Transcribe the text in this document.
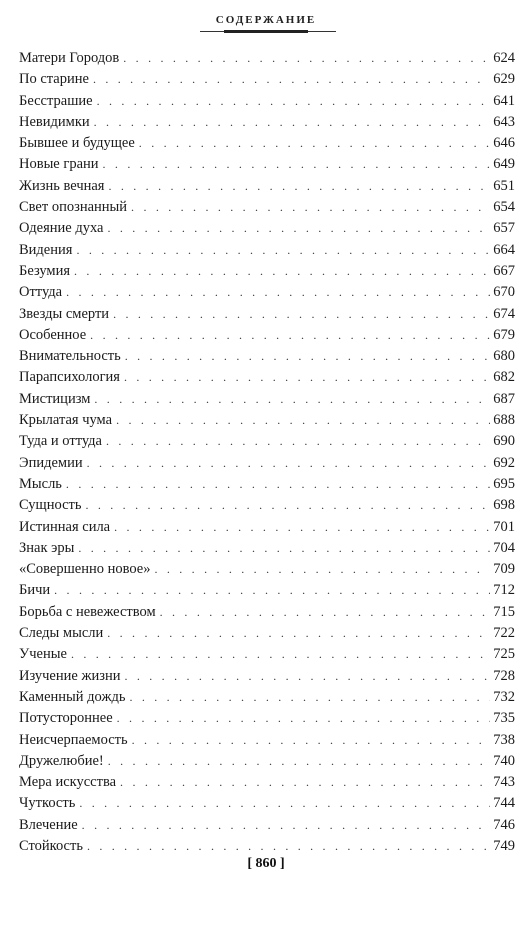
СОДЕРЖАНИЕ
Матери Городов . . .	624
По старине . . .	629
Бесстрашие . . .	641
Невидимки . . .	643
Бывшее и будущее . . .	646
Новые грани . . .	649
Жизнь вечная . . .	651
Свет опознанный . . .	654
Одеяние духа . . .	657
Видения . . .	664
Безумия . . .	667
Оттуда . . .	670
Звезды смерти . . .	674
Особенное . . .	679
Внимательность . . .	680
Парапсихология . . .	682
Мистицизм . . .	687
Крылатая чума . . .	688
Туда и оттуда . . .	690
Эпидемии . . .	692
Мысль . . .	695
Сущность . . .	698
Истинная сила . . .	701
Знак эры . . .	704
«Совершенно новое» . . .	709
Бичи . . .	712
Борьба с невежеством . . .	715
Следы мысли . . .	722
Ученые . . .	725
Изучение жизни . . .	728
Каменный дождь . . .	732
Потустороннее . . .	735
Неисчерпаемость . . .	738
Дружелюбие! . . .	740
Мера искусства . . .	743
Чуткость . . .	744
Влечение . . .	746
Стойкость . . .	749
[ 860 ]
